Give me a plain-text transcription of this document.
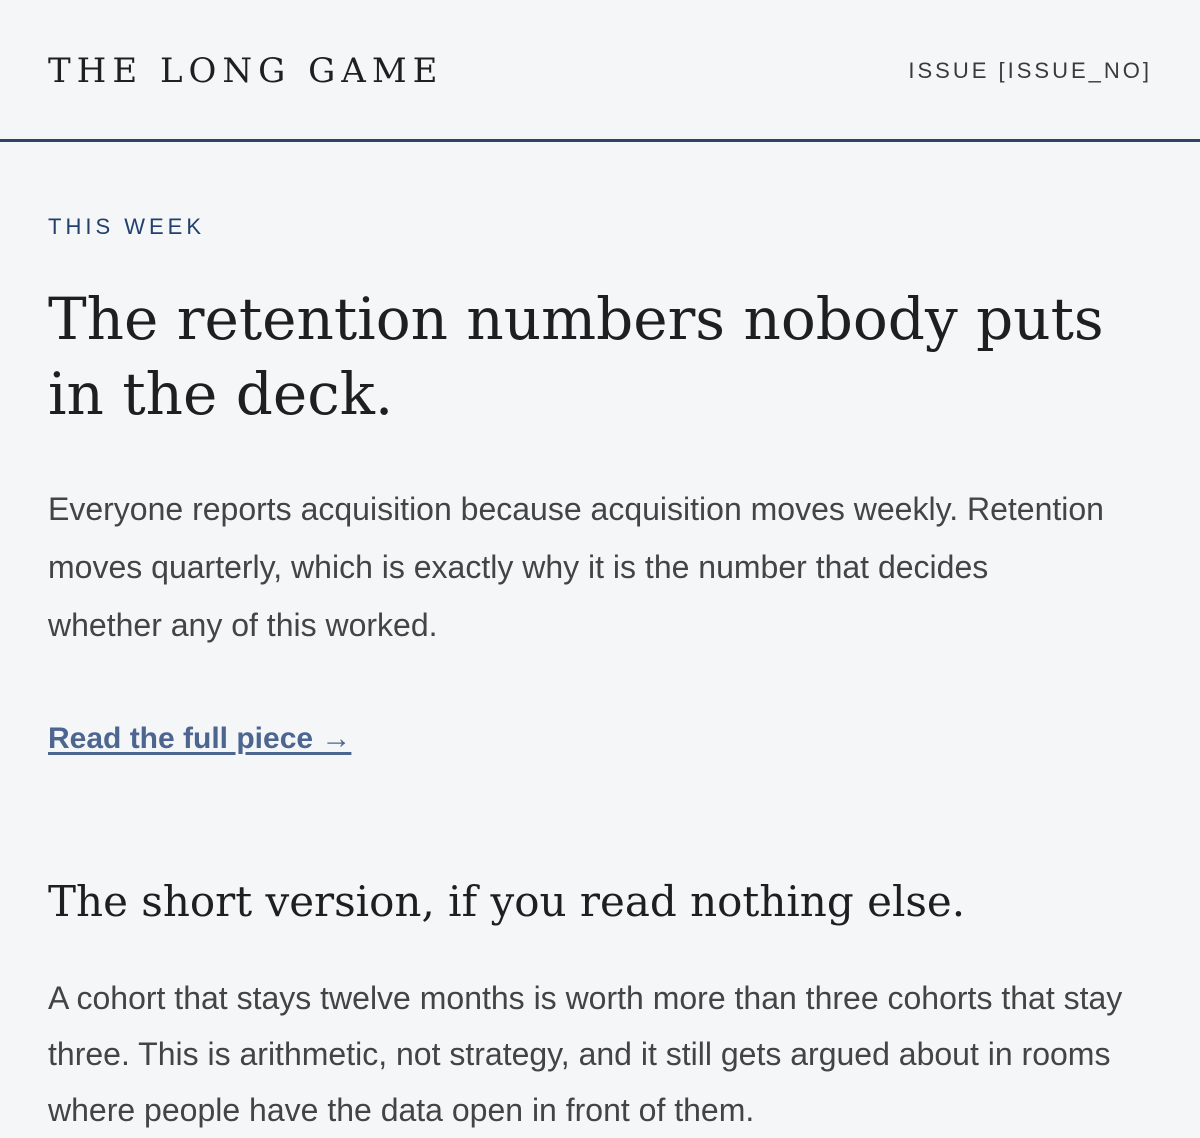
THE LONG GAME	ISSUE [ISSUE_NO]

THIS WEEK

The retention numbers nobody puts in the deck.

Everyone reports acquisition because acquisition moves weekly. Retention moves quarterly, which is exactly why it is the number that decides whether any of this worked.

Read the full piece →
The short version, if you read nothing else.

A cohort that stays twelve months is worth more than three cohorts that stay three. This is arithmetic, not strategy, and it still gets argued about in rooms where people have the data open in front of them.
